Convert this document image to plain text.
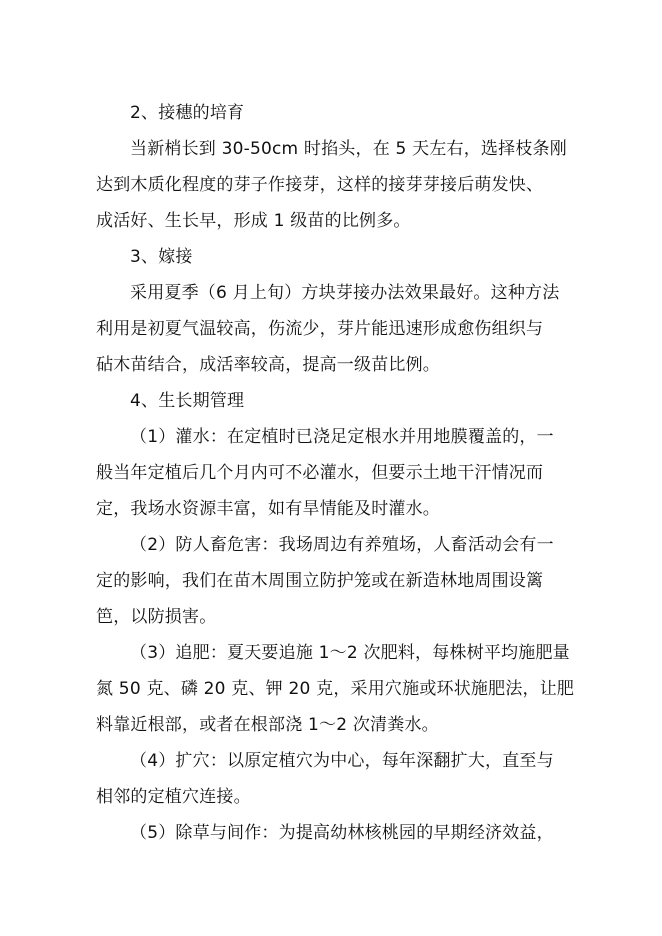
2、接穗的培育
当新梢长到 30-50cm 时掐头，在 5 天左右，选择枝条刚
达到木质化程度的芽子作接芽，这样的接芽芽接后萌发快、
成活好、生长早，形成 1 级苗的比例多。
3、嫁接
采用夏季（6 月上旬）方块芽接办法效果最好。这种方法
利用是初夏气温较高，伤流少，芽片能迅速形成愈伤组织与
砧木苗结合，成活率较高，提高一级苗比例。
4、生长期管理
（1）灌水：在定植时已浇足定根水并用地膜覆盖的，一
般当年定植后几个月内可不必灌水，但要示土地干汗情况而
定，我场水资源丰富，如有旱情能及时灌水。
（2）防人畜危害：我场周边有养殖场，人畜活动会有一
定的影响，我们在苗木周围立防护笼或在新造林地周围设篱
笆，以防损害。
（3）追肥：夏天要追施 1～2 次肥料，每株树平均施肥量
氮 50 克、磷 20 克、钾 20 克，采用穴施或环状施肥法，让肥
料靠近根部，或者在根部浇 1～2 次清粪水。
（4）扩穴：以原定植穴为中心，每年深翻扩大，直至与
相邻的定植穴连接。
（5）除草与间作：为提高幼林核桃园的早期经济效益，
